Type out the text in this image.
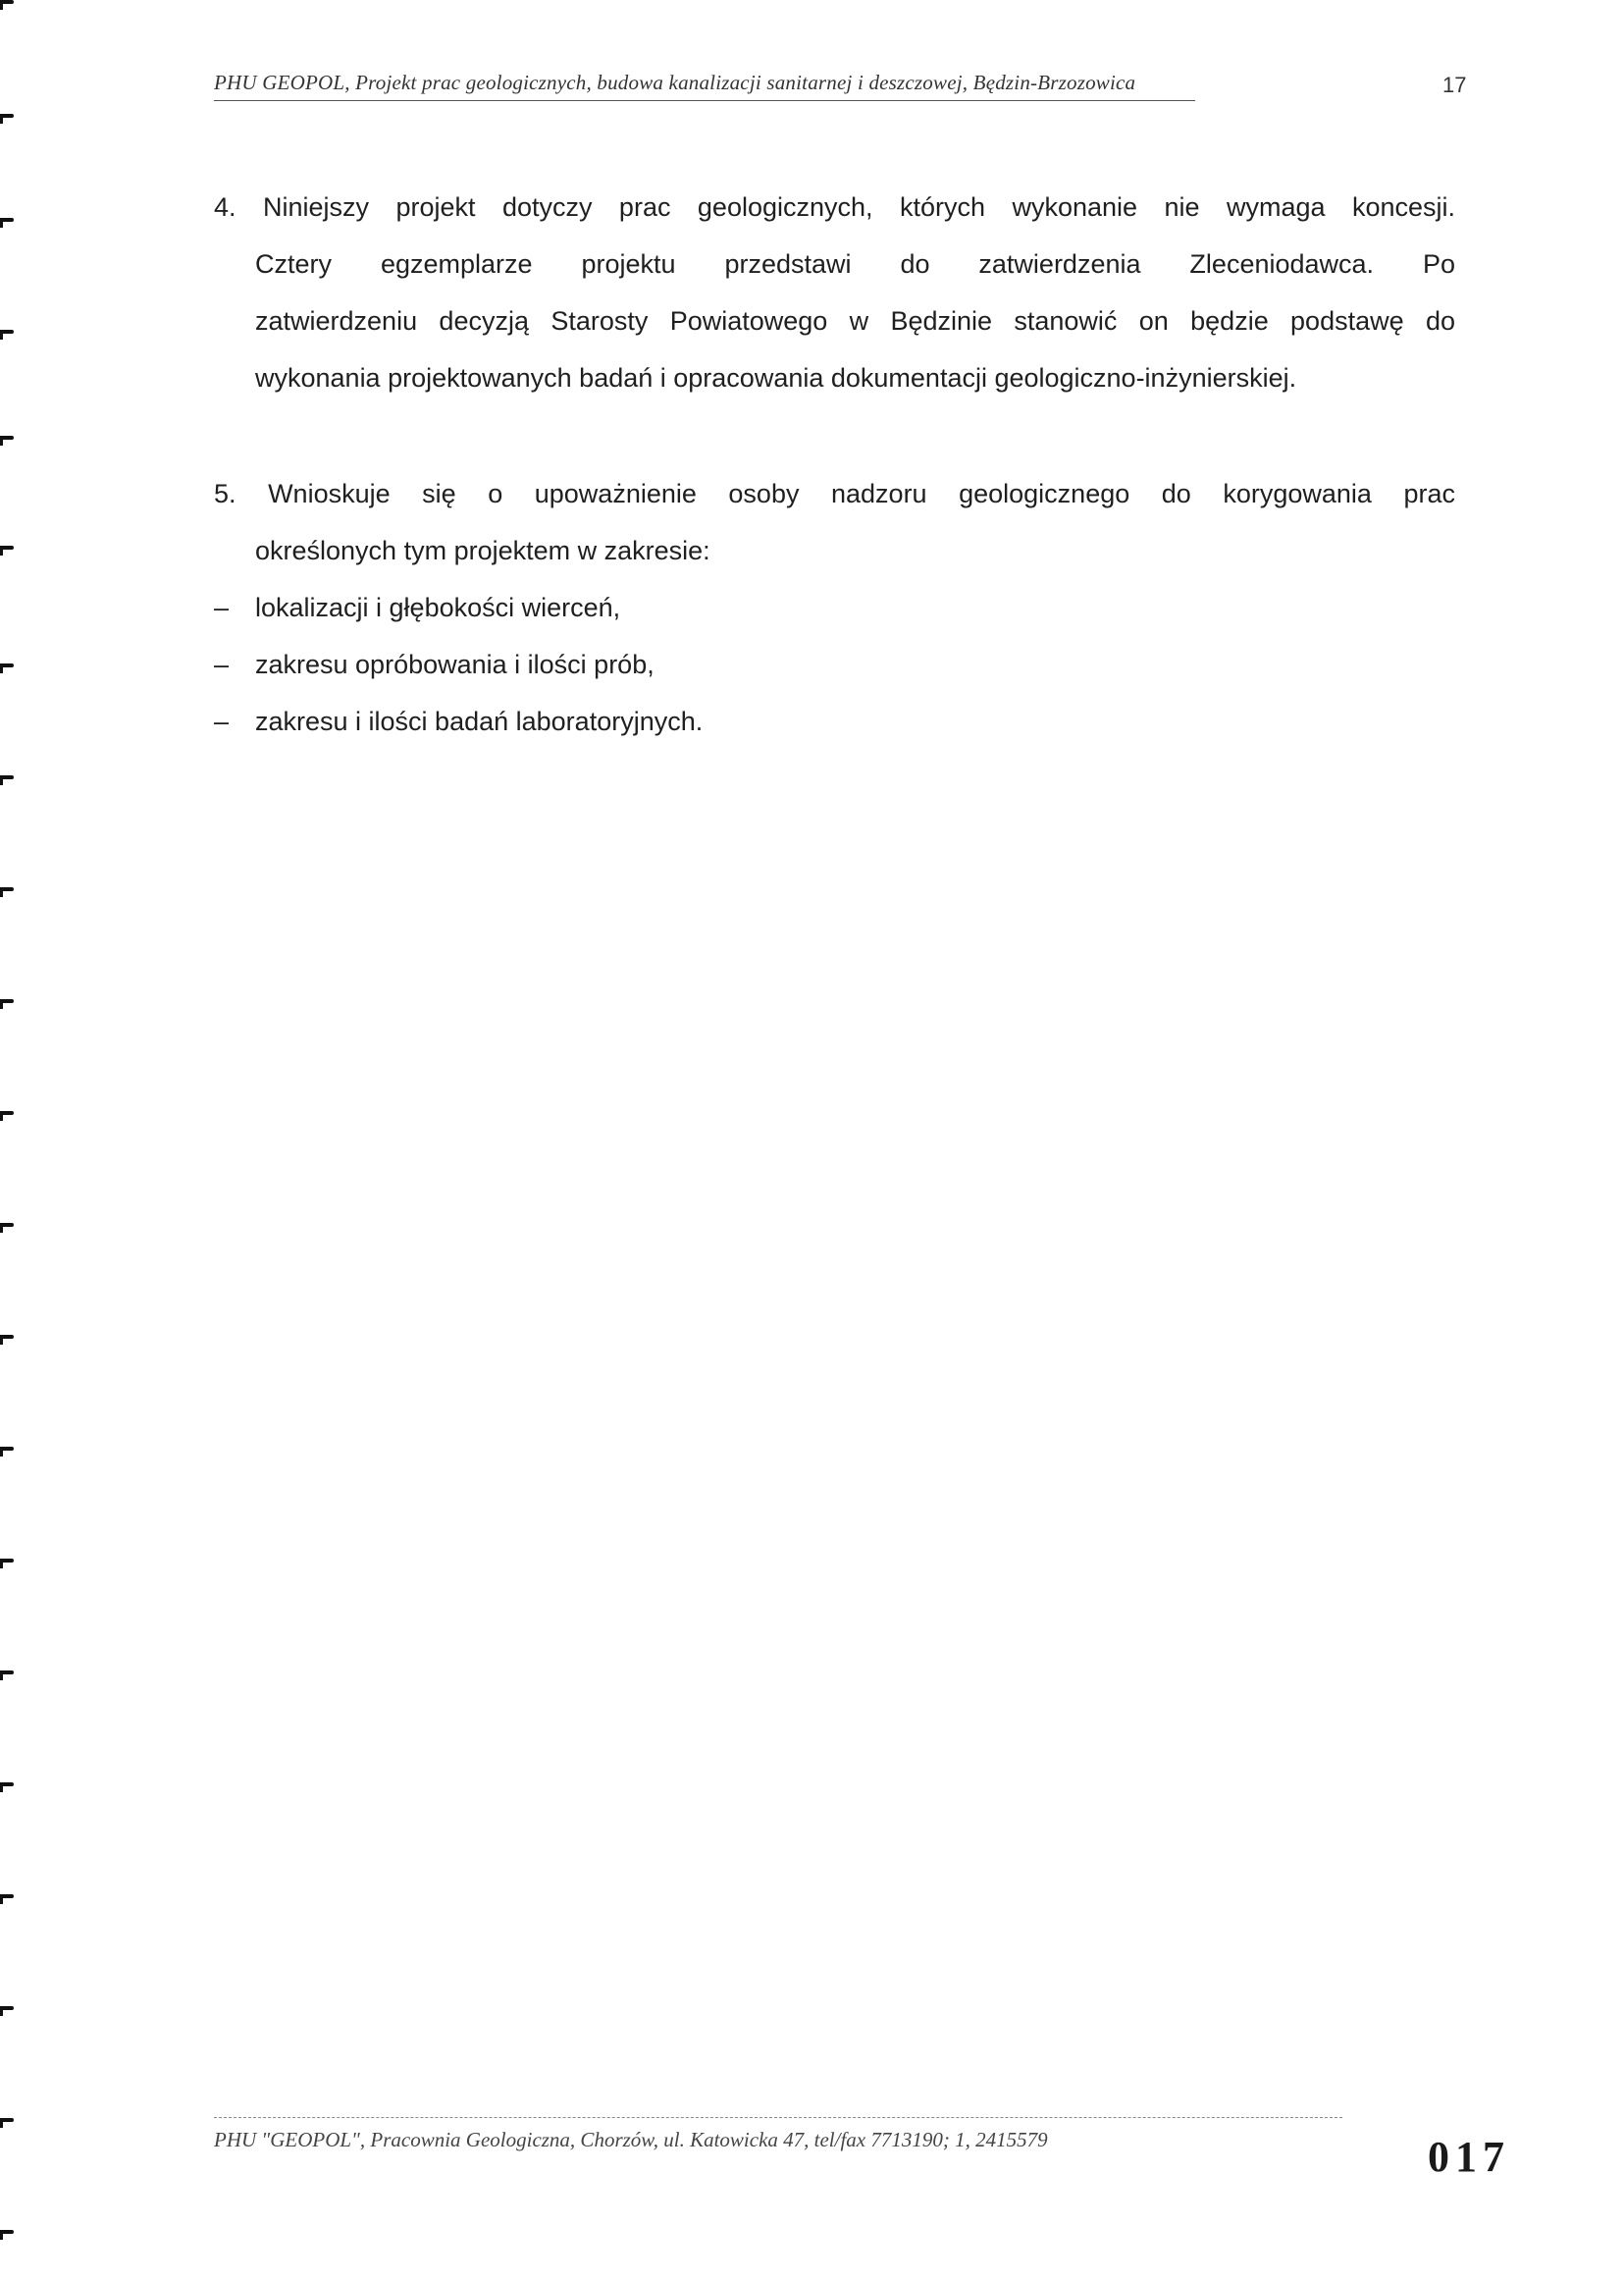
PHU GEOPOL, Projekt prac geologicznych, budowa kanalizacji sanitarnej i deszczowej, Będzin-Brzozowica	17
4. Niniejszy projekt dotyczy prac geologicznych, których wykonanie nie wymaga koncesji.
Cztery egzemplarze projektu przedstawi do zatwierdzenia Zleceniodawca. Po
zatwierdzeniu decyzją Starosty Powiatowego w Będzinie stanowić on będzie podstawę do
wykonania projektowanych badań i opracowania dokumentacji geologiczno-inżynierskiej.
5. Wnioskuje się o upoważnienie osoby nadzoru geologicznego do korygowania prac
określonych tym projektem w zakresie:
– lokalizacji i głębokości wierceń,
– zakresu opróbowania i ilości prób,
– zakresu i ilości badań laboratoryjnych.
PHU "GEOPOL", Pracownia Geologiczna, Chorzów, ul. Katowicka 47, tel/fax 7713190; 1, 2415579	017
